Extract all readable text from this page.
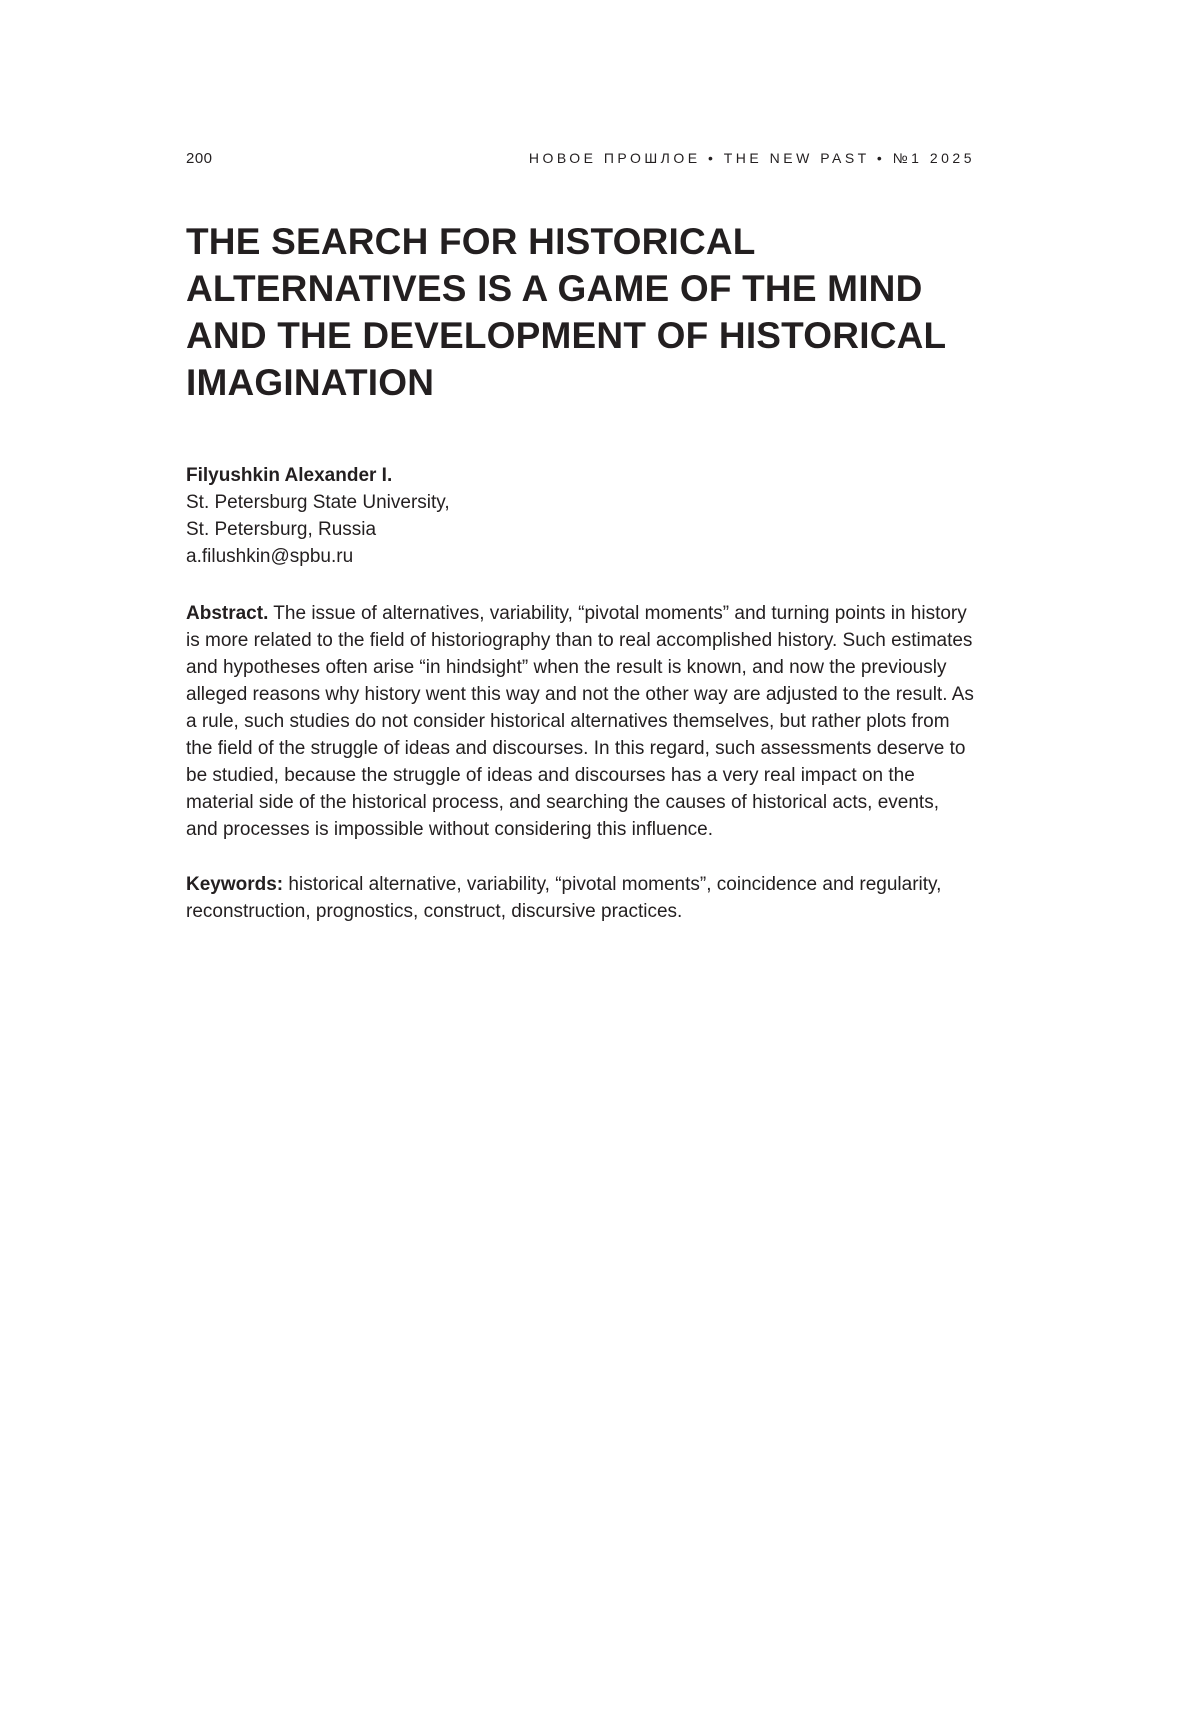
200	НОВОЕ ПРОШЛОЕ • THE NEW PAST • №1 2025
THE SEARCH FOR HISTORICAL ALTERNATIVES IS A GAME OF THE MIND AND THE DEVELOPMENT OF HISTORICAL IMAGINATION
Filyushkin Alexander I.
St. Petersburg State University,
St. Petersburg, Russia
a.filushkin@spbu.ru

Abstract. The issue of alternatives, variability, “pivotal moments” and turning points in history is more related to the field of historiography than to real accomplished history. Such estimates and hypotheses often arise “in hindsight” when the result is known, and now the previously alleged reasons why history went this way and not the other way are adjusted to the result. As a rule, such studies do not consider historical alternatives themselves, but rather plots from the field of the struggle of ideas and discourses. In this regard, such assessments deserve to be studied, because the struggle of ideas and discourses has a very real impact on the material side of the historical process, and searching the causes of historical acts, events, and processes is impossible without considering this influence.

Keywords: historical alternative, variability, “pivotal moments”, coincidence and regularity, reconstruction, prognostics, construct, discursive practices.
